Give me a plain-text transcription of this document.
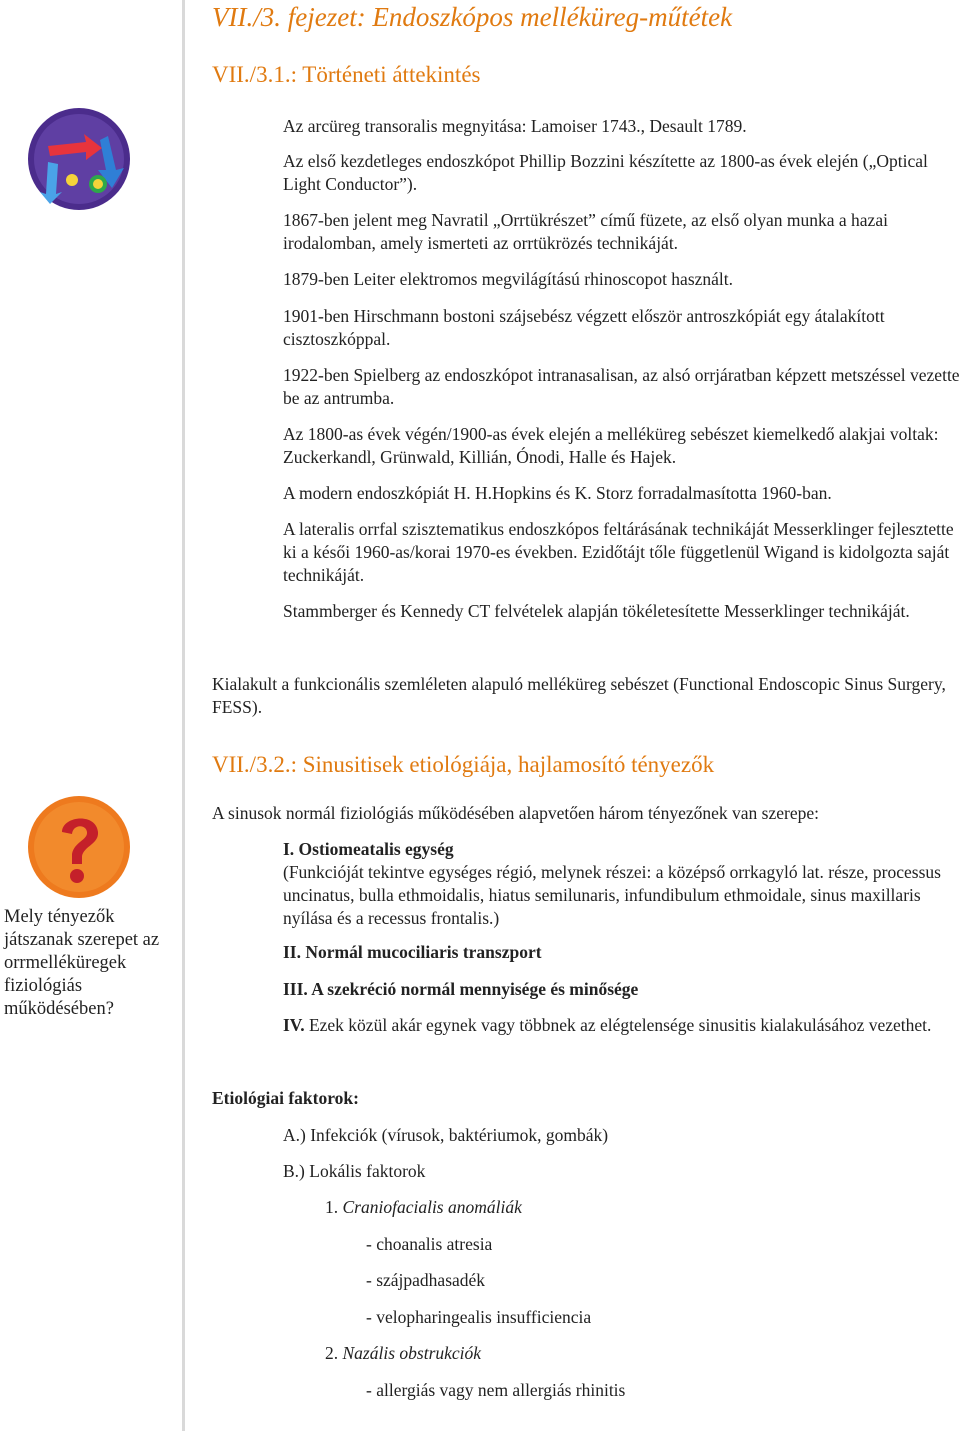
VII./3. fejezet: Endoszkópos melléküreg-műtétek
VII./3.1.: Történeti áttekintés
Az arcüreg transoralis megnyitása: Lamoiser 1743., Desault 1789.
Az első kezdetleges endoszkópot Phillip Bozzini készítette az 1800-as évek elején („Optical Light Conductor”).
1867-ben jelent meg Navratil „Orrtükrészet” című füzete, az első olyan munka a hazai irodalomban, amely ismerteti az orrtükrözés technikáját.
1879-ben Leiter elektromos megvilágítású rhinoscopot használt.
1901-ben Hirschmann bostoni szájsebész végzett először antroszkópiát egy átalakított cisztoszkóppal.
1922-ben Spielberg az endoszkópot intranasalisan, az alsó orrjáratban képzett metszéssel vezette be az antrumba.
Az 1800-as évek végén/1900-as évek elején a melléküreg sebészet kiemelkedő alakjai voltak: Zuckerkandl, Grünwald, Killián, Ónodi, Halle és Hajek.
A modern endoszkópiát H. H.Hopkins és K. Storz forradalmasította 1960-ban.
A lateralis orrfal szisztematikus endoszkópos feltárásának technikáját Messerklinger fejlesztette ki a késői 1960-as/korai 1970-es években. Ezidőtájt tőle függetlenül Wigand is kidolgozta saját technikáját.
Stammberger és Kennedy CT felvételek alapján tökéletesítette Messerklinger technikáját.
Kialakult a funkcionális szemléleten alapuló melléküreg sebészet (Functional Endoscopic Sinus Surgery, FESS).
VII./3.2.: Sinusitisek etiológiája, hajlamosító tényezők
Mely tényezők játszanak szerepet az orrmelléküregek fiziológiás működésében?
A sinusok normál fiziológiás működésében alapvetően három tényezőnek van szerepe:
I. Ostiomeatalis egység
(Funkcióját tekintve egységes régió, melynek részei: a középső orrkagyló lat. része, processus uncinatus, bulla ethmoidalis, hiatus semilunaris, infundibulum ethmoidale, sinus maxillaris nyílása és a recessus frontalis.)
II. Normál mucociliaris transzport
III. A szekréció normál mennyisége és minősége
IV. Ezek közül akár egynek vagy többnek az elégtelensége sinusitis kialakulásához vezethet.
Etiológiai faktorok:
A.) Infekciók (vírusok, baktériumok, gombák)
B.) Lokális faktorok
1. Craniofacialis anomáliák
- choanalis atresia
- szájpadhasadék
- velopharingealis insufficiencia
2. Nazális obstrukciók
- allergiás vagy nem allergiás rhinitis
